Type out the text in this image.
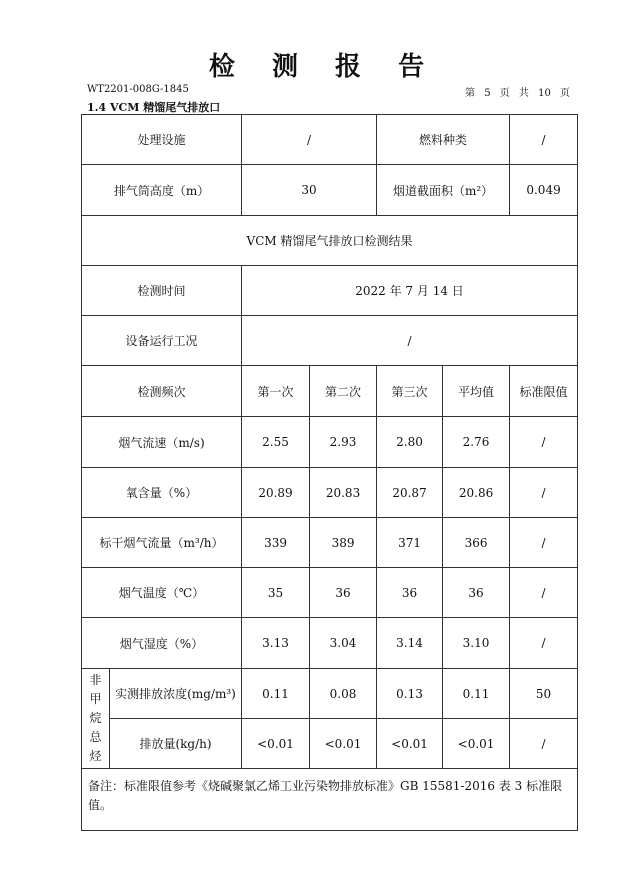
检 测 报 告
WT2201-008G-1845	第 5 页 共 10 页
1.4 VCM 精馏尾气排放口
处理设施		/		燃料种类		/
排气筒高度（m）		30		烟道截面积（m²）		0.049
VCM 精馏尾气排放口检测结果						
检测时间		2022 年 7 月 14 日				
设备运行工况		/				
检测频次		第一次	第二次	第三次	平均值	标准限值
烟气流速（m/s)		2.55	2.93	2.80	2.76	/
氧含量（%）		20.89	20.83	20.87	20.86	/
标干烟气流量（m³/h）		339	389	371	366	/
烟气温度（℃）		35	36	36	36	/
烟气湿度（%）		3.13	3.04	3.14	3.10	/
非
甲
烷
总
烃	实测排放浓度(mg/m³)	0.11	0.08	0.13	0.11	50
	排放量(kg/h)	<0.01	<0.01	<0.01	<0.01	/
备注：标准限值参考《烧碱聚氯乙烯工业污染物排放标准》GB 15581-2016 表 3 标准限值。						
